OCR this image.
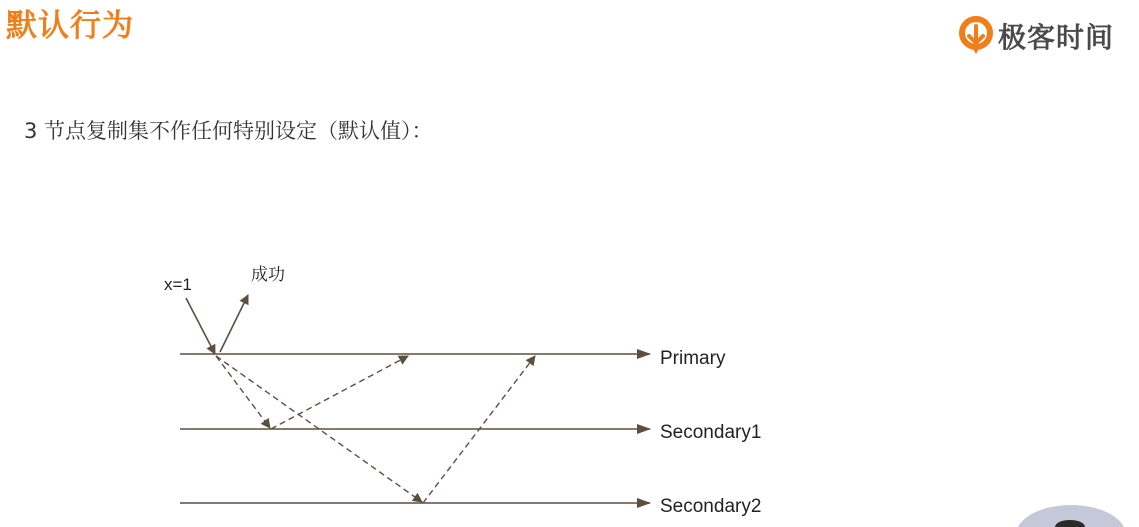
默认行为	极客时间
3 节点复制集不作任何特别设定（默认值）：
Primary
Secondary1
Secondary2
x=1
成功
